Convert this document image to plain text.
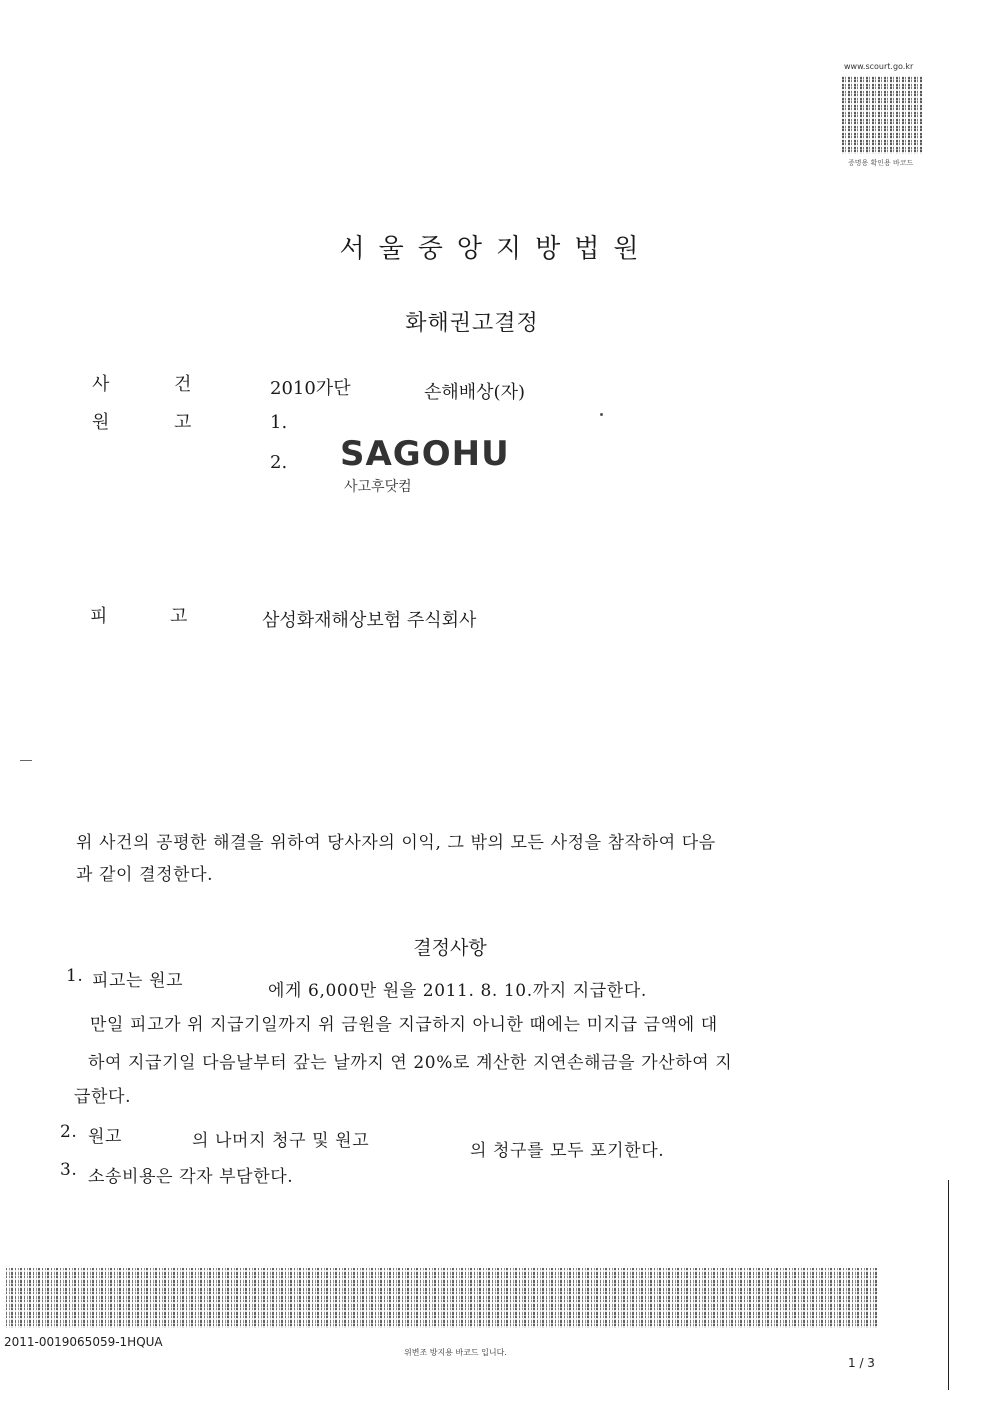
www.scourt.go.kr
증명용 확인용 바코드
서울중앙지방법원
화해권고결정
사	건	2010가단	손해배상(자)
원	고	1.
2. SAGOHU
사고후닷컴
피	고	삼성화재해상보험 주식회사
위 사건의 공평한 해결을 위하여 당사자의 이익, 그 밖의 모든 사정을 참작하여 다음
과 같이 결정한다.
결정사항
1. 피고는 원고	에게 6,000만 원을 2011. 8. 10.까지 지급한다.
만일 피고가 위 지급기일까지 위 금원을 지급하지 아니한 때에는 미지급 금액에 대
하여 지급기일 다음날부터 갚는 날까지 연 20%로 계산한 지연손해금을 가산하여 지
급한다.
2. 원고	의 나머지 청구 및 원고	의 청구를 모두 포기한다.
3. 소송비용은 각자 부담한다.
2011-0019065059-1HQUA
위변조 방지용 바코드 입니다.
1 / 3
